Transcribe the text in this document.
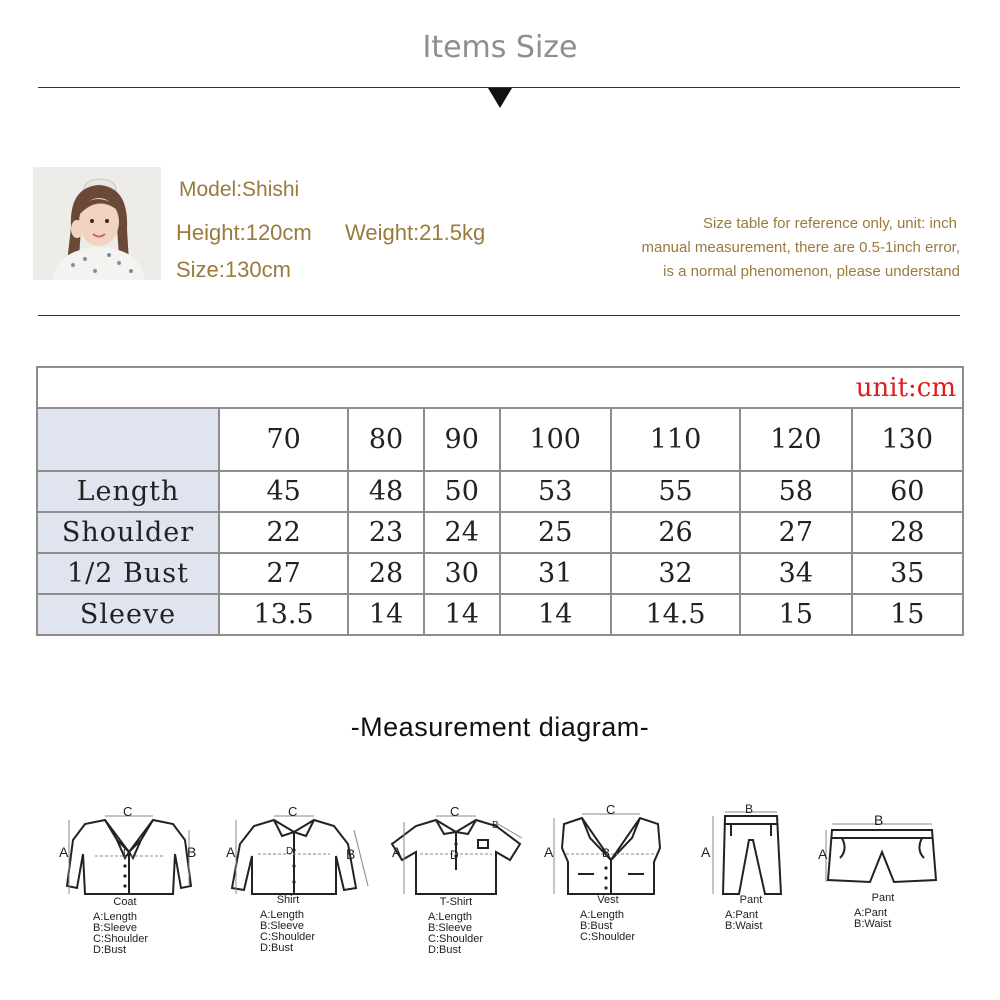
Items Size
Model:Shishi
Height:120cm Weight:21.5kg
Size:130cm
Size table for reference only, unit: inch
manual measurement, there are 0.5-1inch error,
is a normal phenomenon, please understand
unit:cm							
	70	80	90	100	110	120	130
Length	45	48	50	53	55	58	60
Shoulder	22	23	24	25	26	27	28
1/2 Bust	27	28	30	31	32	34	35
Sleeve	13.5	14	14	14	14.5	15	15
-Measurement diagram-
C
A	B
D
Coat
A:Length
B:Sleeve
C:Shoulder
D:Bust
C
A	B
D
Shirt
A:Length
B:Sleeve
C:Shoulder
D:Bust
C
A
B
D
T-Shirt
A:Length
B:Sleeve
C:Shoulder
D:Bust
C
A	B
Vest
A:Length
B:Bust
C:Shoulder
B
A
Pant
A:Pant
B:Waist
B
A
Pant
A:Pant
B:Waist
